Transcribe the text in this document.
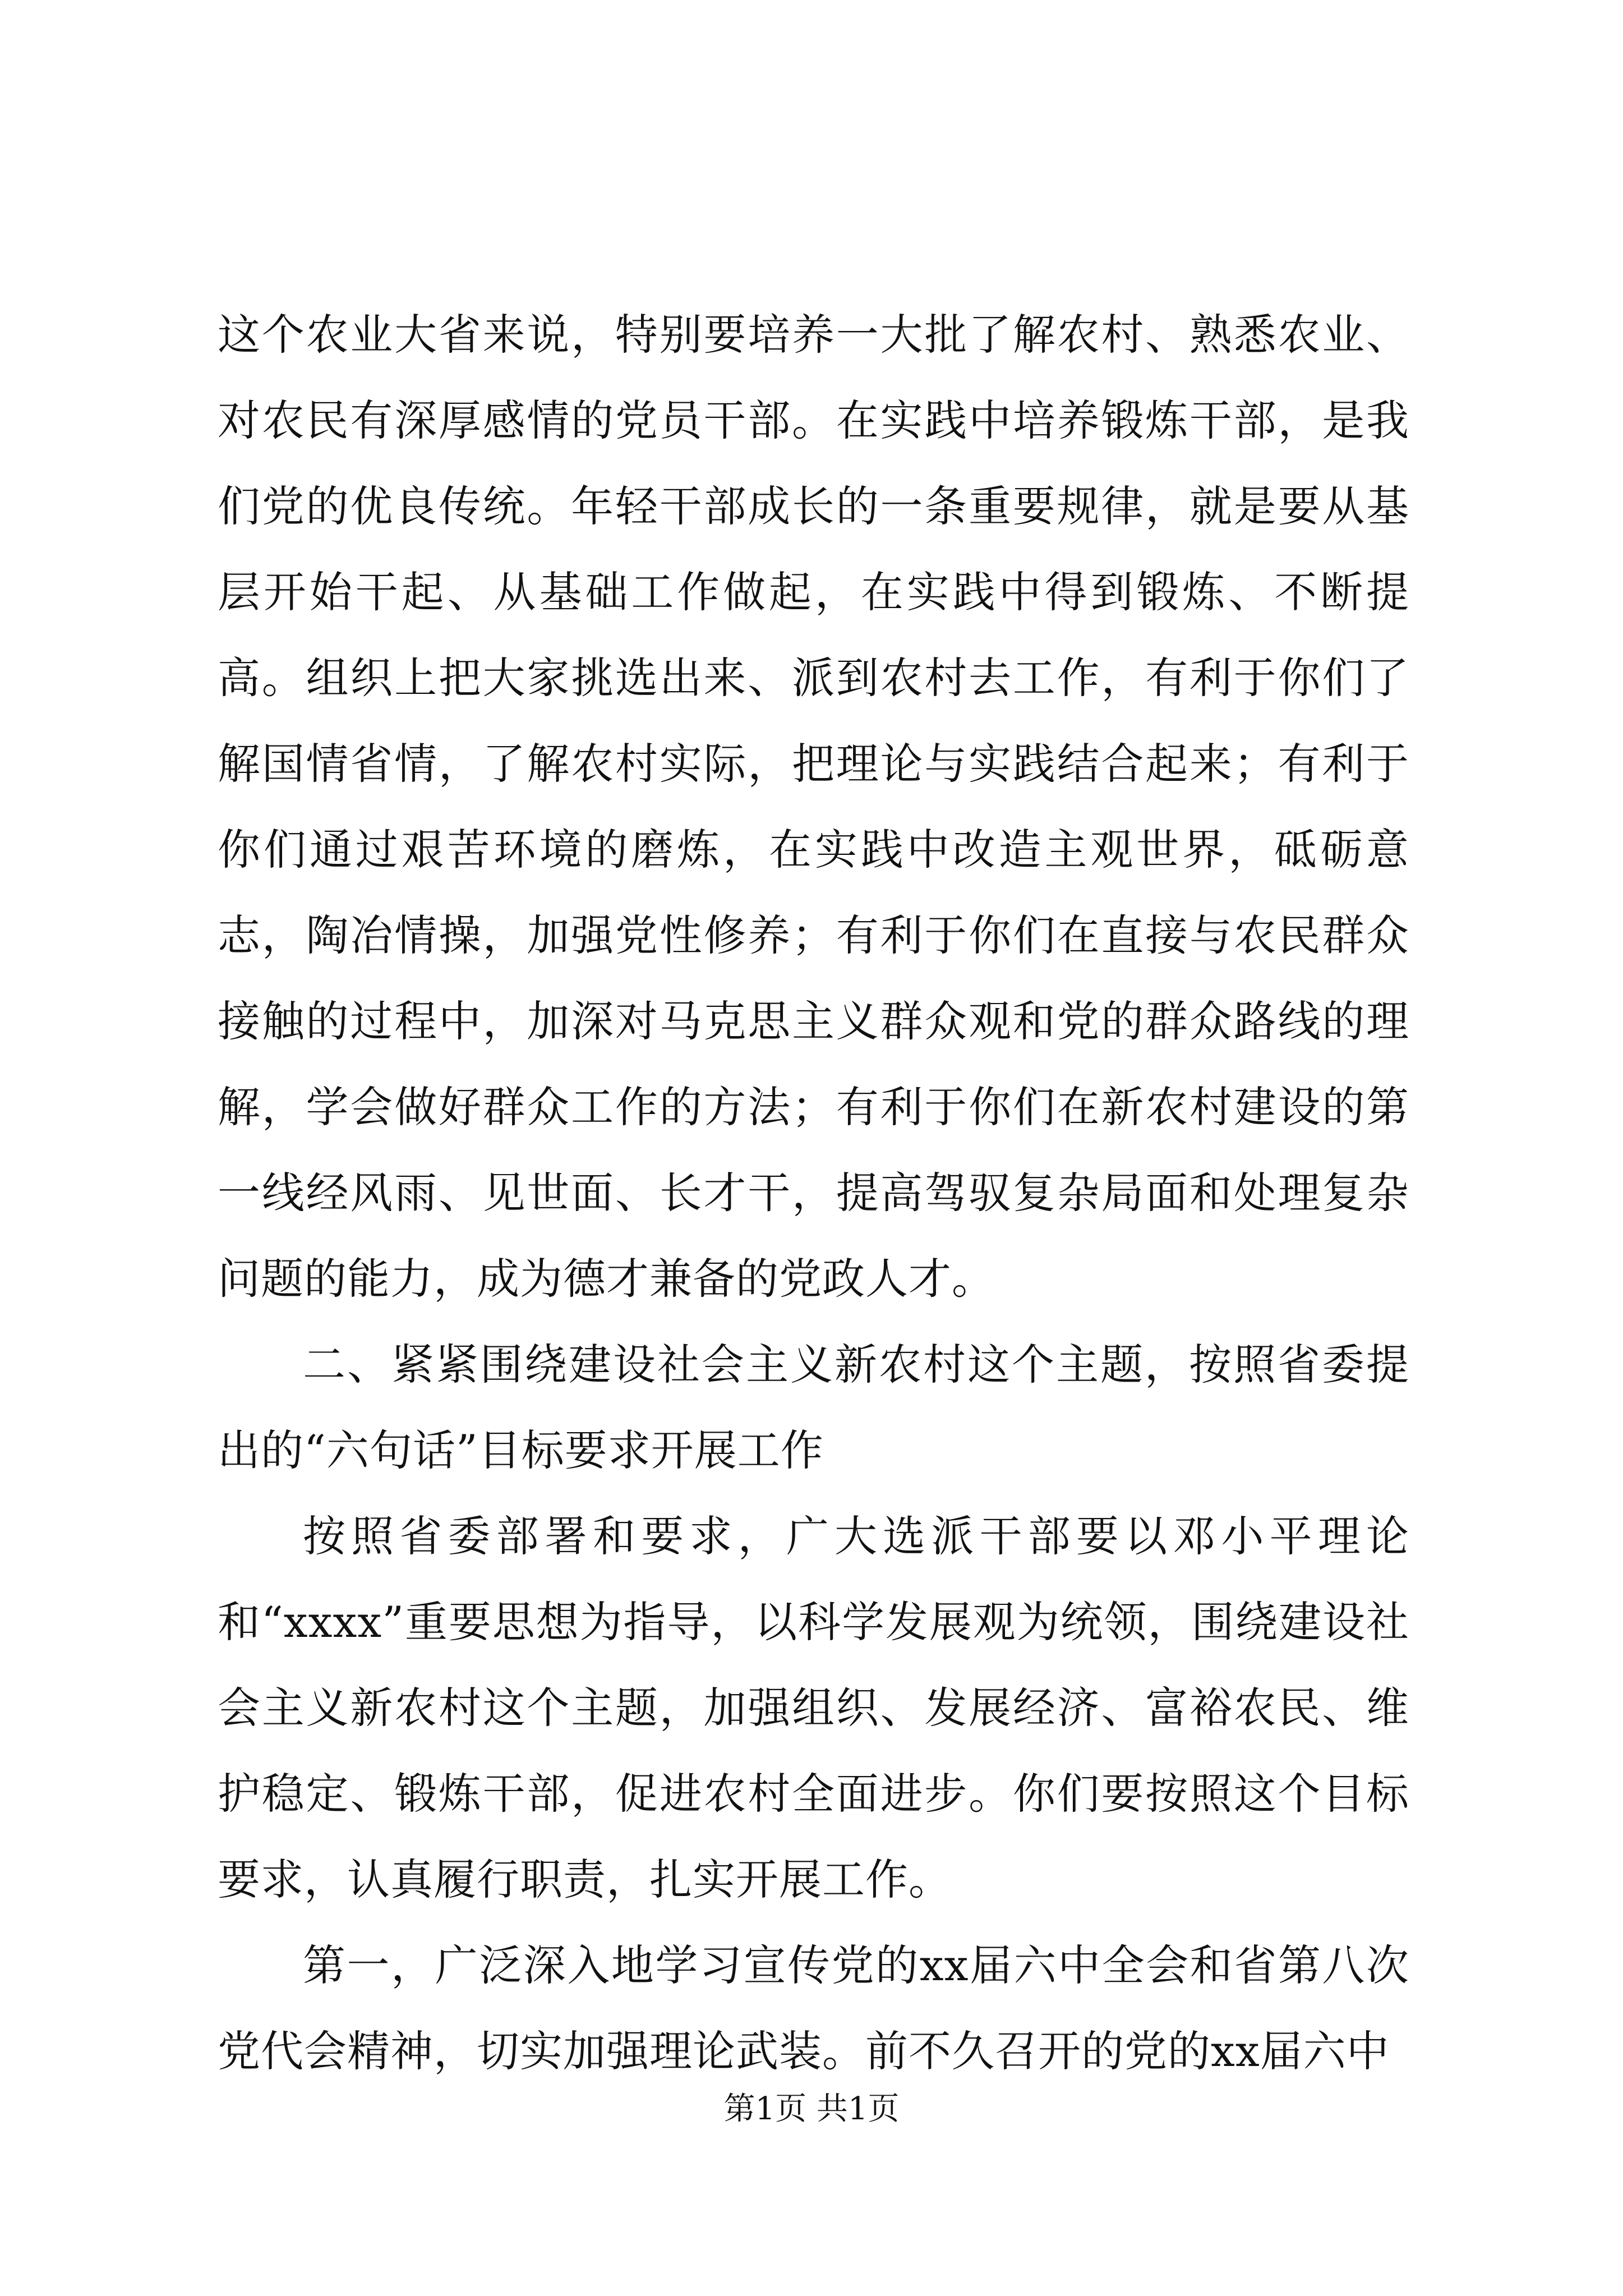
这个农业大省来说，特别要培养一大批了解农村、熟悉农业、对农民有深厚感情的党员干部。在实践中培养锻炼干部，是我们党的优良传统。年轻干部成长的一条重要规律，就是要从基层开始干起、从基础工作做起，在实践中得到锻炼、不断提高。组织上把大家挑选出来、派到农村去工作，有利于你们了解国情省情，了解农村实际，把理论与实践结合起来；有利于你们通过艰苦环境的磨炼，在实践中改造主观世界，砥砺意志，陶冶情操，加强党性修养；有利于你们在直接与农民群众接触的过程中，加深对马克思主义群众观和党的群众路线的理解，学会做好群众工作的方法；有利于你们在新农村建设的第一线经风雨、见世面、长才干，提高驾驭复杂局面和处理复杂问题的能力，成为德才兼备的党政人才。

二、紧紧围绕建设社会主义新农村这个主题，按照省委提出的“六句话”目标要求开展工作

按照省委部署和要求，广大选派干部要以邓小平理论和“xxxx”重要思想为指导，以科学发展观为统领，围绕建设社会主义新农村这个主题，加强组织、发展经济、富裕农民、维护稳定、锻炼干部，促进农村全面进步。你们要按照这个目标要求，认真履行职责，扎实开展工作。

第一，广泛深入地学习宣传党的xx届六中全会和省第八次党代会精神，切实加强理论武装。前不久召开的党的xx届六中

第1页 共1页
